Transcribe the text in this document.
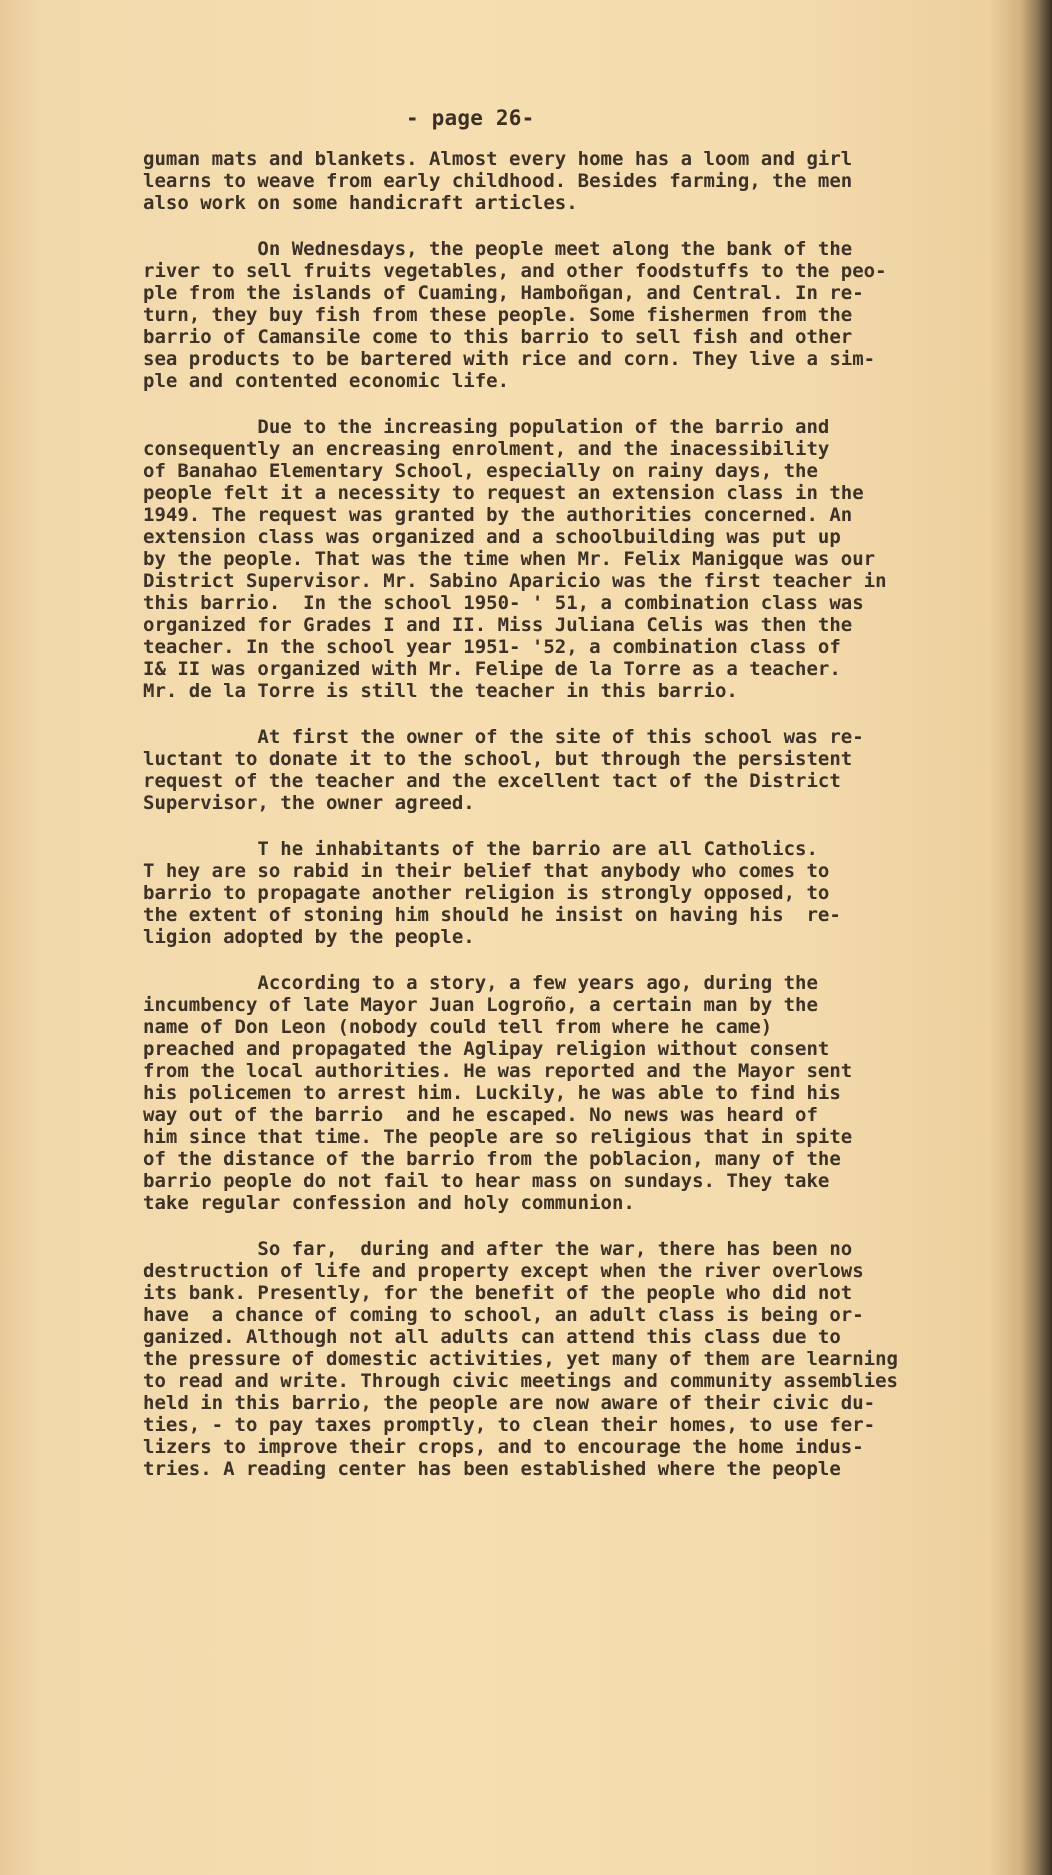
- page 26-
guman mats and blankets. Almost every home has a loom and girl
learns to weave from early childhood. Besides farming, the men
also work on some handicraft articles.
On Wednesdays, the people meet along the bank of the
river to sell fruits vegetables, and other foodstuffs to the peo-
ple from the islands of Cuaming, Hamboñgan, and Central. In re-
turn, they buy fish from these people. Some fishermen from the
barrio of Camansile come to this barrio to sell fish and other
sea products to be bartered with rice and corn. They live a sim-
ple and contented economic life.
Due to the increasing population of the barrio and
consequently an encreasing enrolment, and the inacessibility
of Banahao Elementary School, especially on rainy days, the
people felt it a necessity to request an extension class in the
1949. The request was granted by the authorities concerned. An
extension class was organized and a schoolbuilding was put up
by the people. That was the time when Mr. Felix Manigque was our
District Supervisor. Mr. Sabino Aparicio was the first teacher in
this barrio.  In the school 1950- ' 51, a combination class was
organized for Grades I and II. Miss Juliana Celis was then the
teacher. In the school year 1951- '52, a combination class of
I& II was organized with Mr. Felipe de la Torre as a teacher.
Mr. de la Torre is still the teacher in this barrio.
At first the owner of the site of this school was re-
luctant to donate it to the school, but through the persistent
request of the teacher and the excellent tact of the District
Supervisor, the owner agreed.
T he inhabitants of the barrio are all Catholics.
T hey are so rabid in their belief that anybody who comes to
barrio to propagate another religion is strongly opposed, to
the extent of stoning him should he insist on having his  re-
ligion adopted by the people.
According to a story, a few years ago, during the
incumbency of late Mayor Juan Logroño, a certain man by the
name of Don Leon (nobody could tell from where he came)
preached and propagated the Aglipay religion without consent
from the local authorities. He was reported and the Mayor sent
his policemen to arrest him. Luckily, he was able to find his
way out of the barrio  and he escaped. No news was heard of
him since that time. The people are so religious that in spite
of the distance of the barrio from the poblacion, many of the
barrio people do not fail to hear mass on sundays. They take
take regular confession and holy communion.
So far,  during and after the war, there has been no
destruction of life and property except when the river overlows
its bank. Presently, for the benefit of the people who did not
have  a chance of coming to school, an adult class is being or-
ganized. Although not all adults can attend this class due to
the pressure of domestic activities, yet many of them are learning
to read and write. Through civic meetings and community assemblies
held in this barrio, the people are now aware of their civic du-
ties, - to pay taxes promptly, to clean their homes, to use fer-
lizers to improve their crops, and to encourage the home indus-
tries. A reading center has been established where the people
